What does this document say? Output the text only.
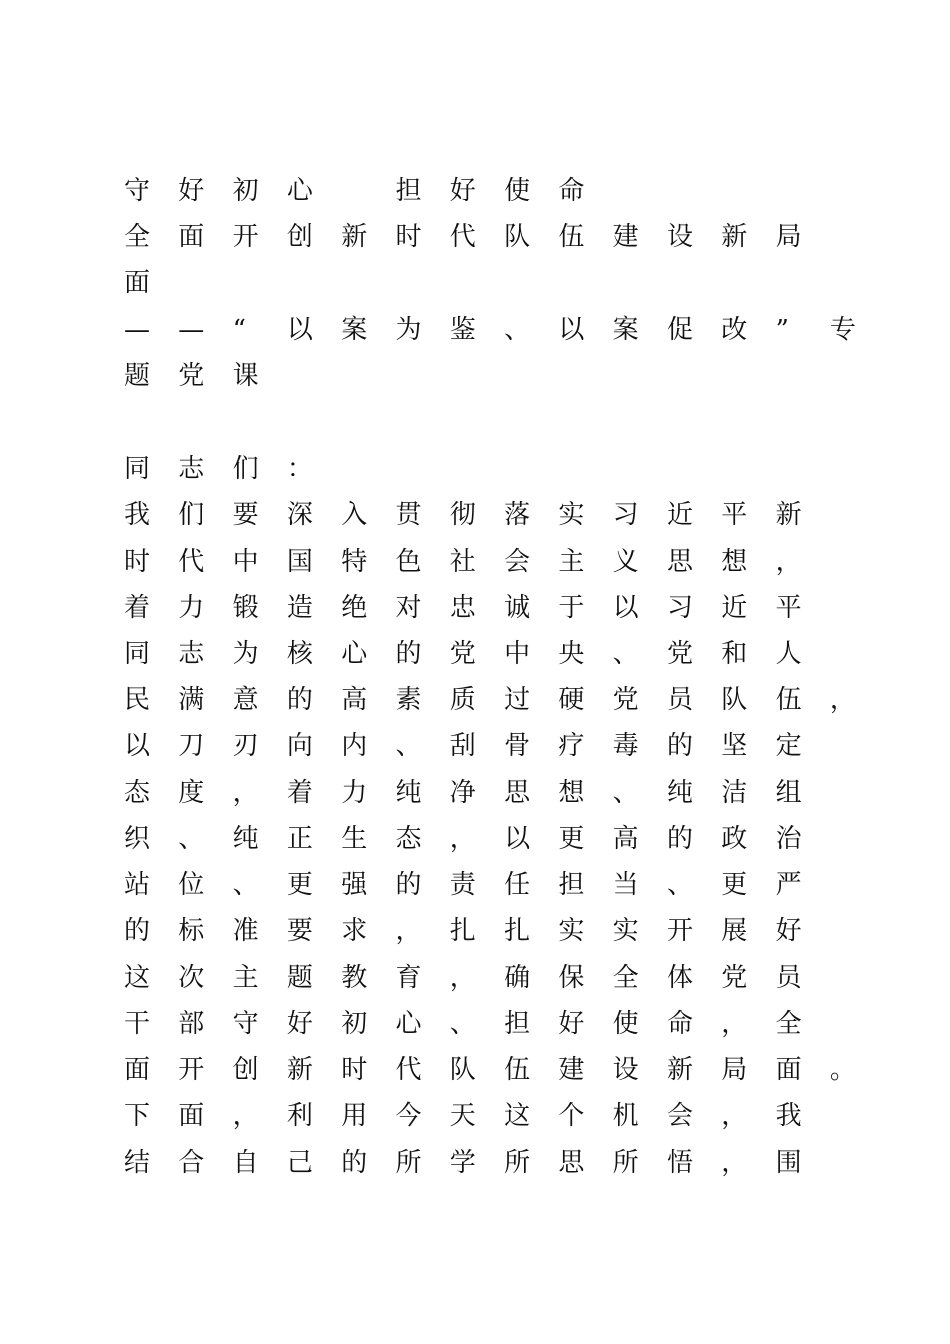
守	好	初	心
　	担	好	使	命
全	面	开	创	新	时	代	队	伍	建	设	新	局
面
—	—	“	以	案	为	鉴	、	以	案	促	改	”	专
题	党	课
同	志	们	：
我	们	要	深	入	贯	彻	落	实	习	近	平	新
时	代	中	国	特	色	社	会	主	义	思	想	，
着	力	锻	造	绝	对	忠	诚	于	以	习	近	平
同	志	为	核	心	的	党	中	央	、	党	和	人
民	满	意	的	高	素	质	过	硬	党	员	队	伍	，
以	刀	刃	向	内	、	刮	骨	疗	毒	的	坚	定
态	度	，	着	力	纯	净	思	想	、	纯	洁	组
织	、	纯	正	生	态	，	以	更	高	的	政	治
站	位	、	更	强	的	责	任	担	当	、	更	严
的	标	准	要	求	，	扎	扎	实	实	开	展	好
这	次	主	题	教	育	，	确	保	全	体	党	员
干	部	守	好	初	心	、	担	好	使	命	，	全
面	开	创	新	时	代	队	伍	建	设	新	局	面	。
下	面	，	利	用	今	天	这	个	机	会	，	我
结	合	自	己	的	所	学	所	思	所	悟	，	围
